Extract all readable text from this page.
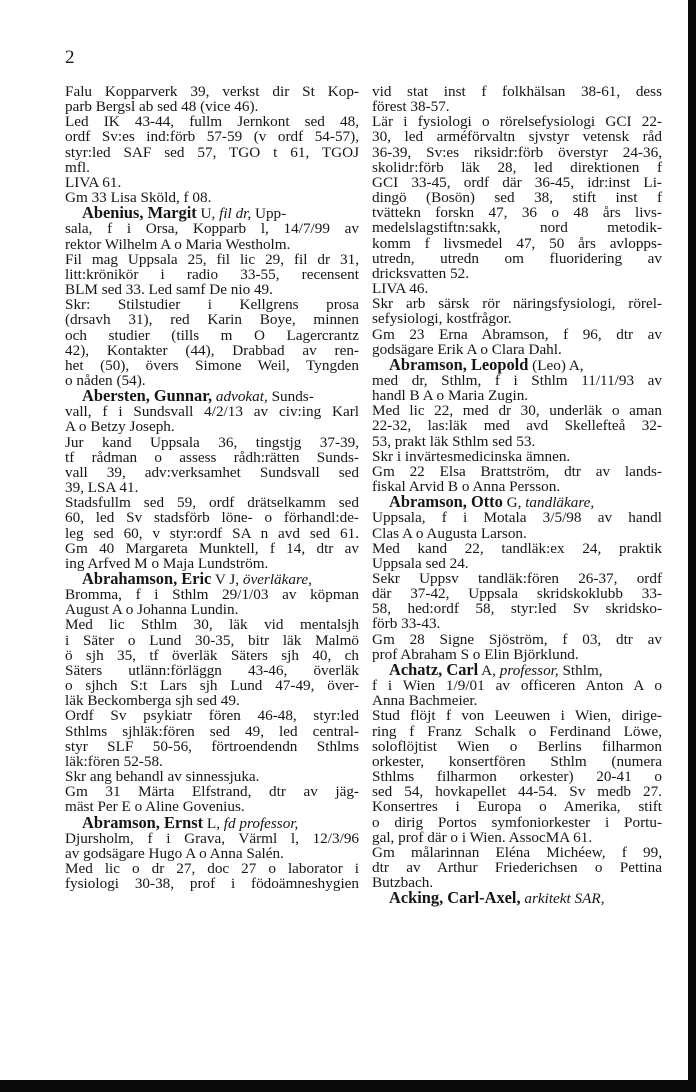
2

Falu Kopparverk 39, verkst dir St Kop-

parb Bergsl ab sed 48 (vice 46).

Led IK 43-44, fullm Jernkont sed 48,

ordf Sv:es ind:förb 57-59 (v ordf 54-57),

styr:led SAF sed 57, TGO t 61, TGOJ

mfl.

LIVA 61.

Gm 33 Lisa Sköld, f 08.

Abenius, Margit U, fil dr, Upp-

sala, f i Orsa, Kopparb l, 14/7/99 av

rektor Wilhelm A o Maria Westholm.

Fil mag Uppsala 25, fil lic 29, fil dr 31,

litt:krönikör i radio 33-55, recensent

BLM sed 33. Led samf De nio 49.

Skr: Stilstudier i Kellgrens prosa

(drsavh 31), red Karin Boye, minnen

och studier (tills m O Lagercrantz

42), Kontakter (44), Drabbad av ren-

het (50), övers Simone Weil, Tyngden

o nåden (54).

Abersten, Gunnar, advokat, Sunds-

vall, f i Sundsvall 4/2/13 av civ:ing Karl

A o Betzy Joseph.

Jur kand Uppsala 36, tingstjg 37-39,

tf rådman o assess rådh:rätten Sunds-

vall 39, adv:verksamhet Sundsvall sed

39, LSA 41.

Stadsfullm sed 59, ordf drätselkamm sed

60, led Sv stadsförb löne- o förhandl:de-

leg sed 60, v styr:ordf SA n avd sed 61.

Gm 40 Margareta Munktell, f 14, dtr av

ing Arfved M o Maja Lundström.

Abrahamson, Eric V J, överläkare,

Bromma, f i Sthlm 29/1/03 av köpman

August A o Johanna Lundin.

Med lic Sthlm 30, läk vid mentalsjh

i Säter o Lund 30-35, bitr läk Malmö

ö sjh 35, tf överläk Säters sjh 40, ch

Säters utlänn:förläggn 43-46, överläk

o sjhch S:t Lars sjh Lund 47-49, över-

läk Beckomberga sjh sed 49.

Ordf Sv psykiatr fören 46-48, styr:led

Sthlms sjhläk:fören sed 49, led central-

styr SLF 50-56, förtroendendn Sthlms

läk:fören 52-58.

Skr ang behandl av sinnessjuka.

Gm 31 Märta Elfstrand, dtr av jäg-

mäst Per E o Aline Govenius.

Abramson, Ernst L, fd professor,

Djursholm, f i Grava, Värml l, 12/3/96

av godsägare Hugo A o Anna Salén.

Med lic o dr 27, doc 27 o laborator i

fysiologi 30-38, prof i födoämneshygien

vid stat inst f folkhälsan 38-61, dess

förest 38-57.

Lär i fysiologi o rörelsefysiologi GCI 22-

30, led arméförvaltn sjvstyr vetensk råd

36-39, Sv:es riksidr:förb överstyr 24-36,

skolidr:förb läk 28, led direktionen f

GCI 33-45, ordf där 36-45, idr:inst Li-

dingö (Bosön) sed 38, stift inst f

tvättekn forskn 47, 36 o 48 års livs-

medelslagstiftn:sakk, nord metodik-

komm f livsmedel 47, 50 års avlopps-

utredn, utredn om fluoridering av

dricksvatten 52.

LIVA 46.

Skr arb särsk rör näringsfysiologi, rörel-

sefysiologi, kostfrågor.

Gm 23 Erna Abramson, f 96, dtr av

godsägare Erik A o Clara Dahl.

Abramson, Leopold (Leo) A,

med dr, Sthlm, f i Sthlm 11/11/93 av

handl B A o Maria Zugin.

Med lic 22, med dr 30, underläk o aman

22-32, las:läk med avd Skellefteå 32-

53, prakt läk Sthlm sed 53.

Skr i invärtesmedicinska ämnen.

Gm 22 Elsa Brattström, dtr av lands-

fiskal Arvid B o Anna Persson.

Abramson, Otto G, tandläkare,

Uppsala, f i Motala 3/5/98 av handl

Clas A o Augusta Larson.

Med kand 22, tandläk:ex 24, praktik

Uppsala sed 24.

Sekr Uppsv tandläk:fören 26-37, ordf

där 37-42, Uppsala skridskoklubb 33-

58, hed:ordf 58, styr:led Sv skridsko-

förb 33-43.

Gm 28 Signe Sjöström, f 03, dtr av

prof Abraham S o Elin Björklund.

Achatz, Carl A, professor, Sthlm,

f i Wien 1/9/01 av officeren Anton A o

Anna Bachmeier.

Stud flöjt f von Leeuwen i Wien, dirige-

ring f Franz Schalk o Ferdinand Löwe,

soloflöjtist Wien o Berlins filharmon

orkester, konsertfören Sthlm (numera

Sthlms filharmon orkester) 20-41 o

sed 54, hovkapellet 44-54. Sv medb 27.

Konsertres i Europa o Amerika, stift

o dirig Portos symfoniorkester i Portu-

gal, prof där o i Wien. AssocMA 61.

Gm målarinnan Eléna Michéew, f 99,

dtr av Arthur Friederichsen o Pettina

Butzbach.

Acking, Carl-Axel, arkitekt SAR,
